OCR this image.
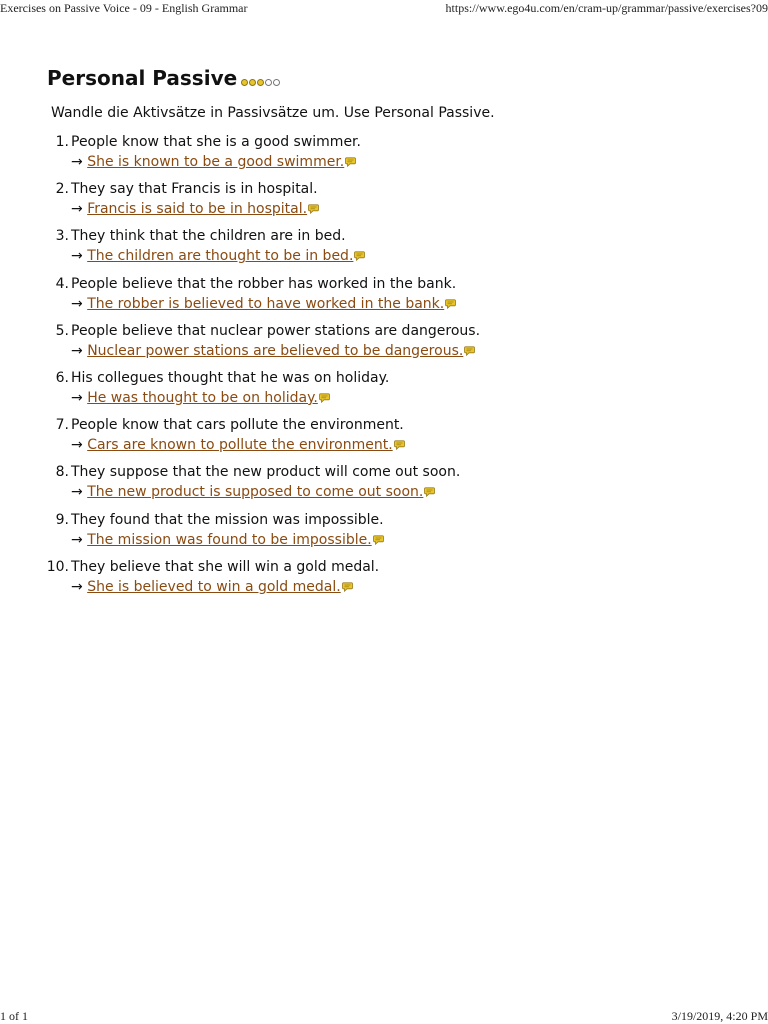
Exercises on Passive Voice - 09 - English Grammar	https://www.ego4u.com/en/cram-up/grammar/passive/exercises?09
Personal Passive
Wandle die Aktivsätze in Passivsätze um. Use Personal Passive.
1. People know that she is a good swimmer.
→ She is known to be a good swimmer.
2. They say that Francis is in hospital.
→ Francis is said to be in hospital.
3. They think that the children are in bed.
→ The children are thought to be in bed.
4. People believe that the robber has worked in the bank.
→ The robber is believed to have worked in the bank.
5. People believe that nuclear power stations are dangerous.
→ Nuclear power stations are believed to be dangerous.
6. His collegues thought that he was on holiday.
→ He was thought to be on holiday.
7. People know that cars pollute the environment.
→ Cars are known to pollute the environment.
8. They suppose that the new product will come out soon.
→ The new product is supposed to come out soon.
9. They found that the mission was impossible.
→ The mission was found to be impossible.
10. They believe that she will win a gold medal.
→ She is believed to win a gold medal.
1 of 1	3/19/2019, 4:20 PM
